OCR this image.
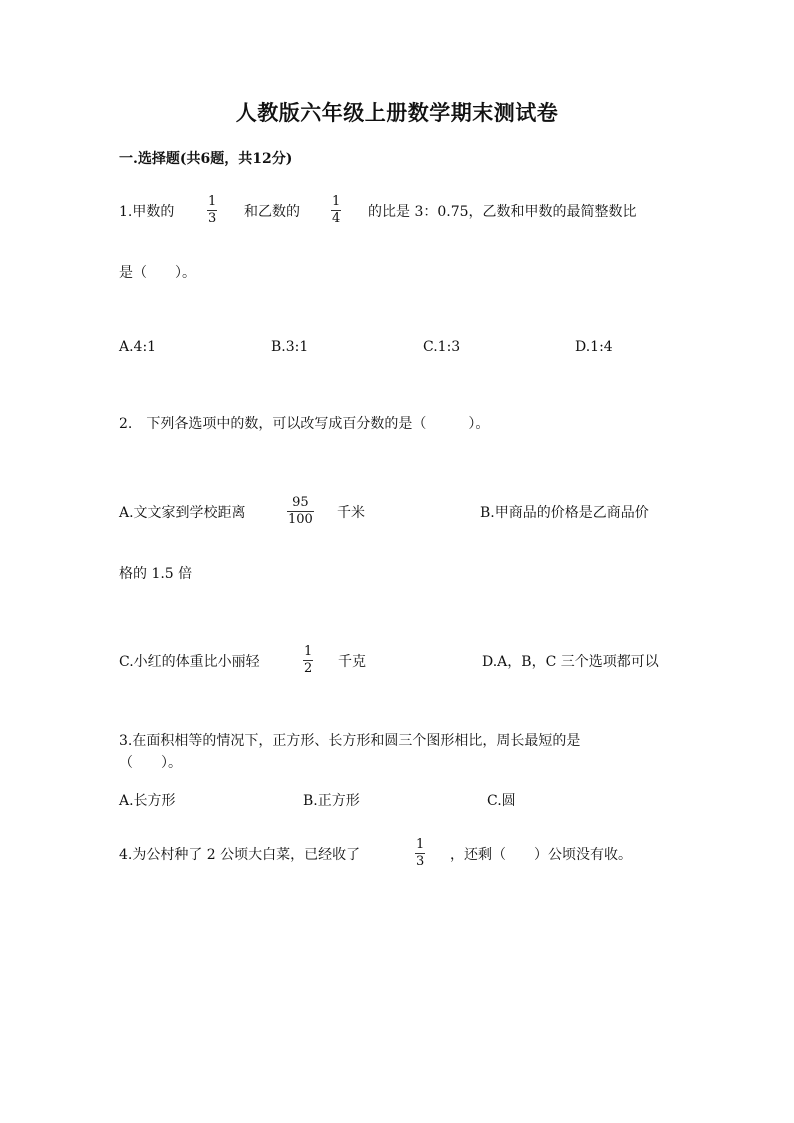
人教版六年级上册数学期末测试卷
一.选择题(共6题，共12分)
1.甲数的
1
3 和乙数的
1
4 的比是 3：0.75，乙数和甲数的最简整数比
是（　　）。
A.4:1	B.3:1	C.1:3	D.1:4
2.　下列各选项中的数，可以改写成百分数的是（　　　）。
A.文文家到学校距离
95
100 千米	B.甲商品的价格是乙商品价
格的 1.5 倍
C.小红的体重比小丽轻
1
2 千克	D.A，B，C 三个选项都可以
3.在面积相等的情况下，正方形、长方形和圆三个图形相比，周长最短的是
（　　）。
A.长方形	B.正方形	C.圆
4.为公村种了 2 公顷大白菜，已经收了
1
3 ，还剩（　　）公顷没有收。
